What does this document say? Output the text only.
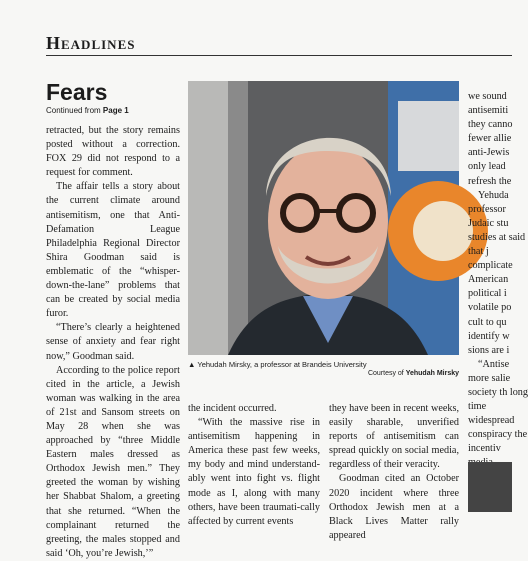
Headlines
Fears
Continued from Page 1

retracted, but the story remains posted without a correction. FOX 29 did not respond to a request for comment.

The affair tells a story about the current climate around antisemitism, one that Anti-Defamation League Philadelphia Regional Director Shira Goodman said is emblematic of the “whisper-down-the-lane” problems that can be created by social media furor.

“There’s clearly a heightened sense of anxiety and fear right now,” Goodman said.

According to the police report cited in the article, a Jewish woman was walking in the area of 21st and Sansom streets on May 28 when she was approached by “three Middle Eastern males dressed as Orthodox Jewish men.” They greeted the woman by wishing her Shabbat Shalom, a greeting that she returned. “When the complainant returned the greeting, the males stopped and said ‘Oh, you’re Jewish,’”

▲ Yehudah Mirsky, a professor at Brandeis University
Courtesy of Yehudah Mirsky

the incident occurred.

“With the massive rise in antisemitism happening in America these past few weeks, my body and mind understand-ably went into fight vs. flight mode as I, along with many others, have been traumati-cally affected by current events

they have been in recent weeks, easily sharable, unverified reports of antisemitism can spread quickly on social media, regardless of their veracity.

Goodman cited an October 2020 incident where three Orthodox Jewish men at a Black Lives Matter rally appeared

we sound antisemiti they canno fewer allie anti-Jewis only lead refresh the

Yehuda professor Judaic stu studies at said that j complicate American political i volatile po cult to qu identify w sions are i

“Antise more salie society th long time widespread conspiracy the incentiv
